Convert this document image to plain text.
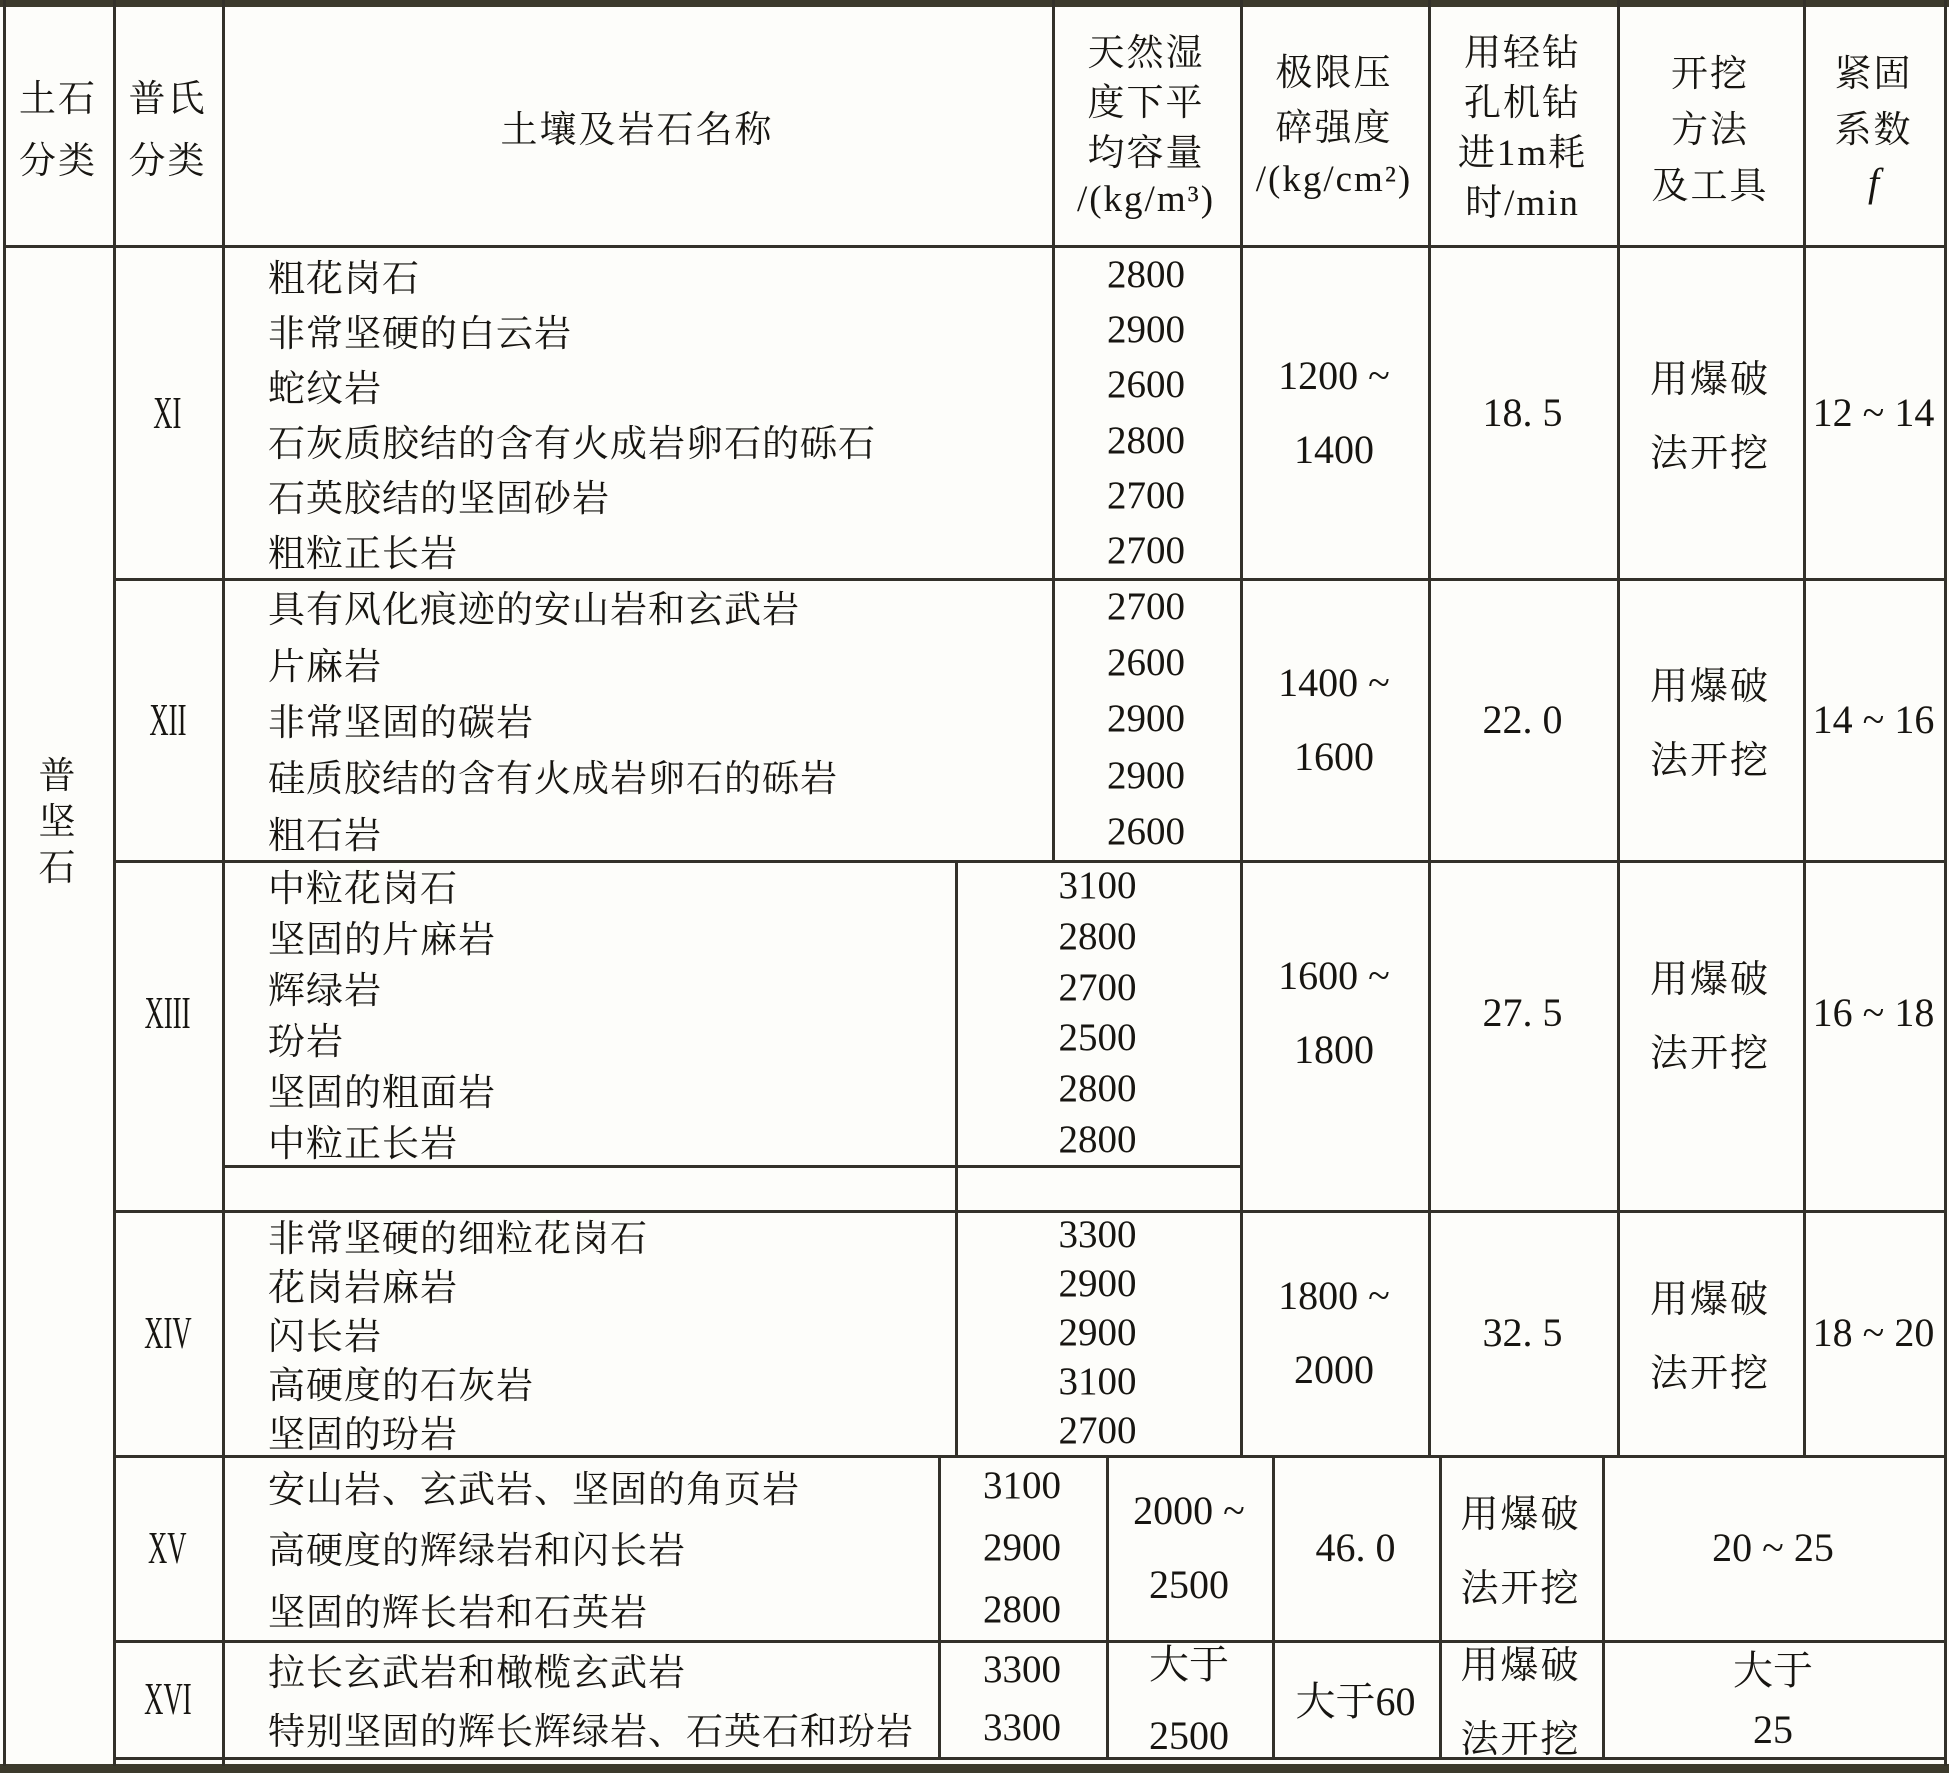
土石
分类
普氏
分类
土壤及岩石名称
天然湿
度下平
均容量
/(kg/m³)
极限压
碎强度
/(kg/cm²)
用轻钻
孔机钻
进1m耗
时/min
开挖
方法
及工具
紧固
系数
f
普
坚
石
XI
粗花岗石
非常坚硬的白云岩
蛇纹岩
石灰质胶结的含有火成岩卵石的砾石
石英胶结的坚固砂岩
粗粒正长岩
2800
2900
2600
2800
2700
2700
1200 ~
1400
18. 5
用爆破
法开挖
12 ~ 14
XII
具有风化痕迹的安山岩和玄武岩
片麻岩
非常坚固的碳岩
硅质胶结的含有火成岩卵石的砾岩
粗石岩
2700
2600
2900
2900
2600
1400 ~
1600
22. 0
用爆破
法开挖
14 ~ 16
XIII
中粒花岗石
坚固的片麻岩
辉绿岩
玢岩
坚固的粗面岩
中粒正长岩
3100
2800
2700
2500
2800
2800
1600 ~
1800
27. 5
用爆破
法开挖
16 ~ 18
XIV
非常坚硬的细粒花岗石
花岗岩麻岩
闪长岩
高硬度的石灰岩
坚固的玢岩
3300
2900
2900
3100
2700
1800 ~
2000
32. 5
用爆破
法开挖
18 ~ 20
XV
安山岩、玄武岩、坚固的角页岩
高硬度的辉绿岩和闪长岩
坚固的辉长岩和石英岩
3100
2900
2800
2000 ~
2500
46. 0
用爆破
法开挖
20 ~ 25
XVI 拉长玄武岩和橄榄玄武岩
特别坚固的辉长辉绿岩、石英石和玢岩
3300
3300
大于
2500
大于60
用爆破
法开挖
大于
25
